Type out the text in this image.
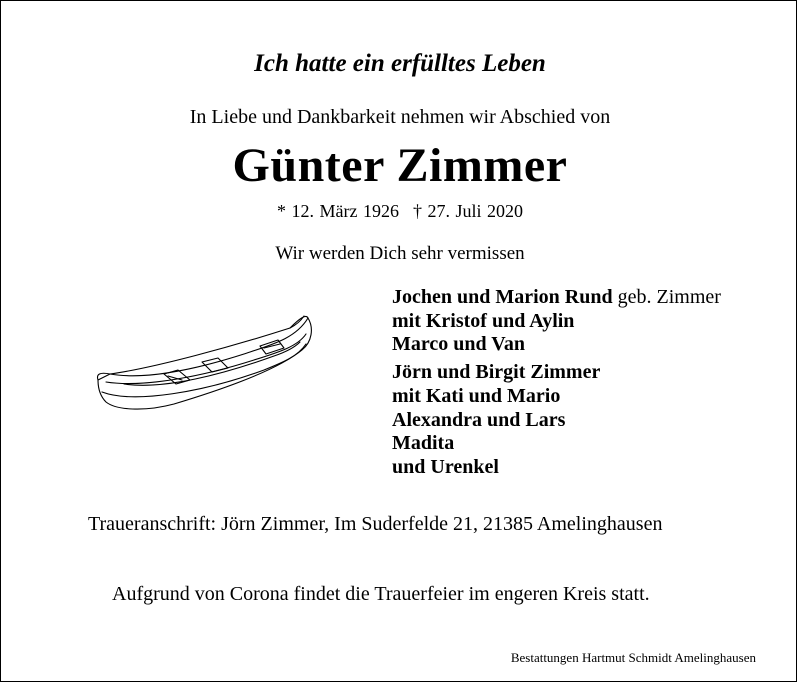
Ich hatte ein erfülltes Leben
In Liebe und Dankbarkeit nehmen wir Abschied von
Günter Zimmer
* 12. März 1926 † 27. Juli 2020
Wir werden Dich sehr vermissen
Jochen und Marion Rund geb. Zimmer
mit Kristof und Aylin
Marco und Van
Jörn und Birgit Zimmer
mit Kati und Mario
Alexandra und Lars
Madita
und Urenkel
Traueranschrift: Jörn Zimmer, Im Suderfelde 21, 21385 Amelinghausen
Aufgrund von Corona findet die Trauerfeier im engeren Kreis statt.
Bestattungen Hartmut Schmidt Amelinghausen
